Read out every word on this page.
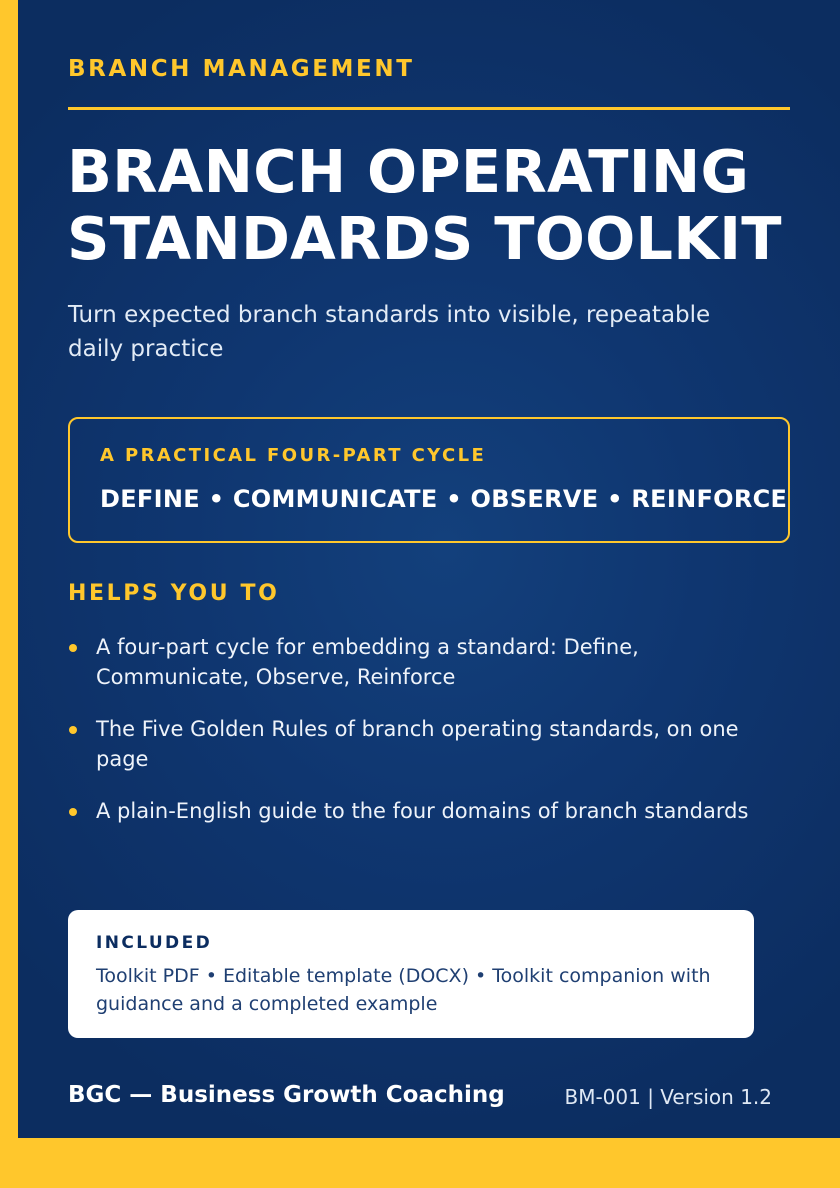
BRANCH MANAGEMENT
BRANCH OPERATING
STANDARDS TOOLKIT
Turn expected branch standards into visible, repeatable daily practice
A PRACTICAL FOUR-PART CYCLE
DEFINE • COMMUNICATE • OBSERVE • REINFORCE
HELPS YOU TO
A four-part cycle for embedding a standard: Define, Communicate, Observe, Reinforce
The Five Golden Rules of branch operating standards, on one page
A plain-English guide to the four domains of branch standards
INCLUDED
Toolkit PDF • Editable template (DOCX) • Toolkit companion with guidance and a completed example
BGC — Business Growth Coaching	BM-001 | Version 1.2
